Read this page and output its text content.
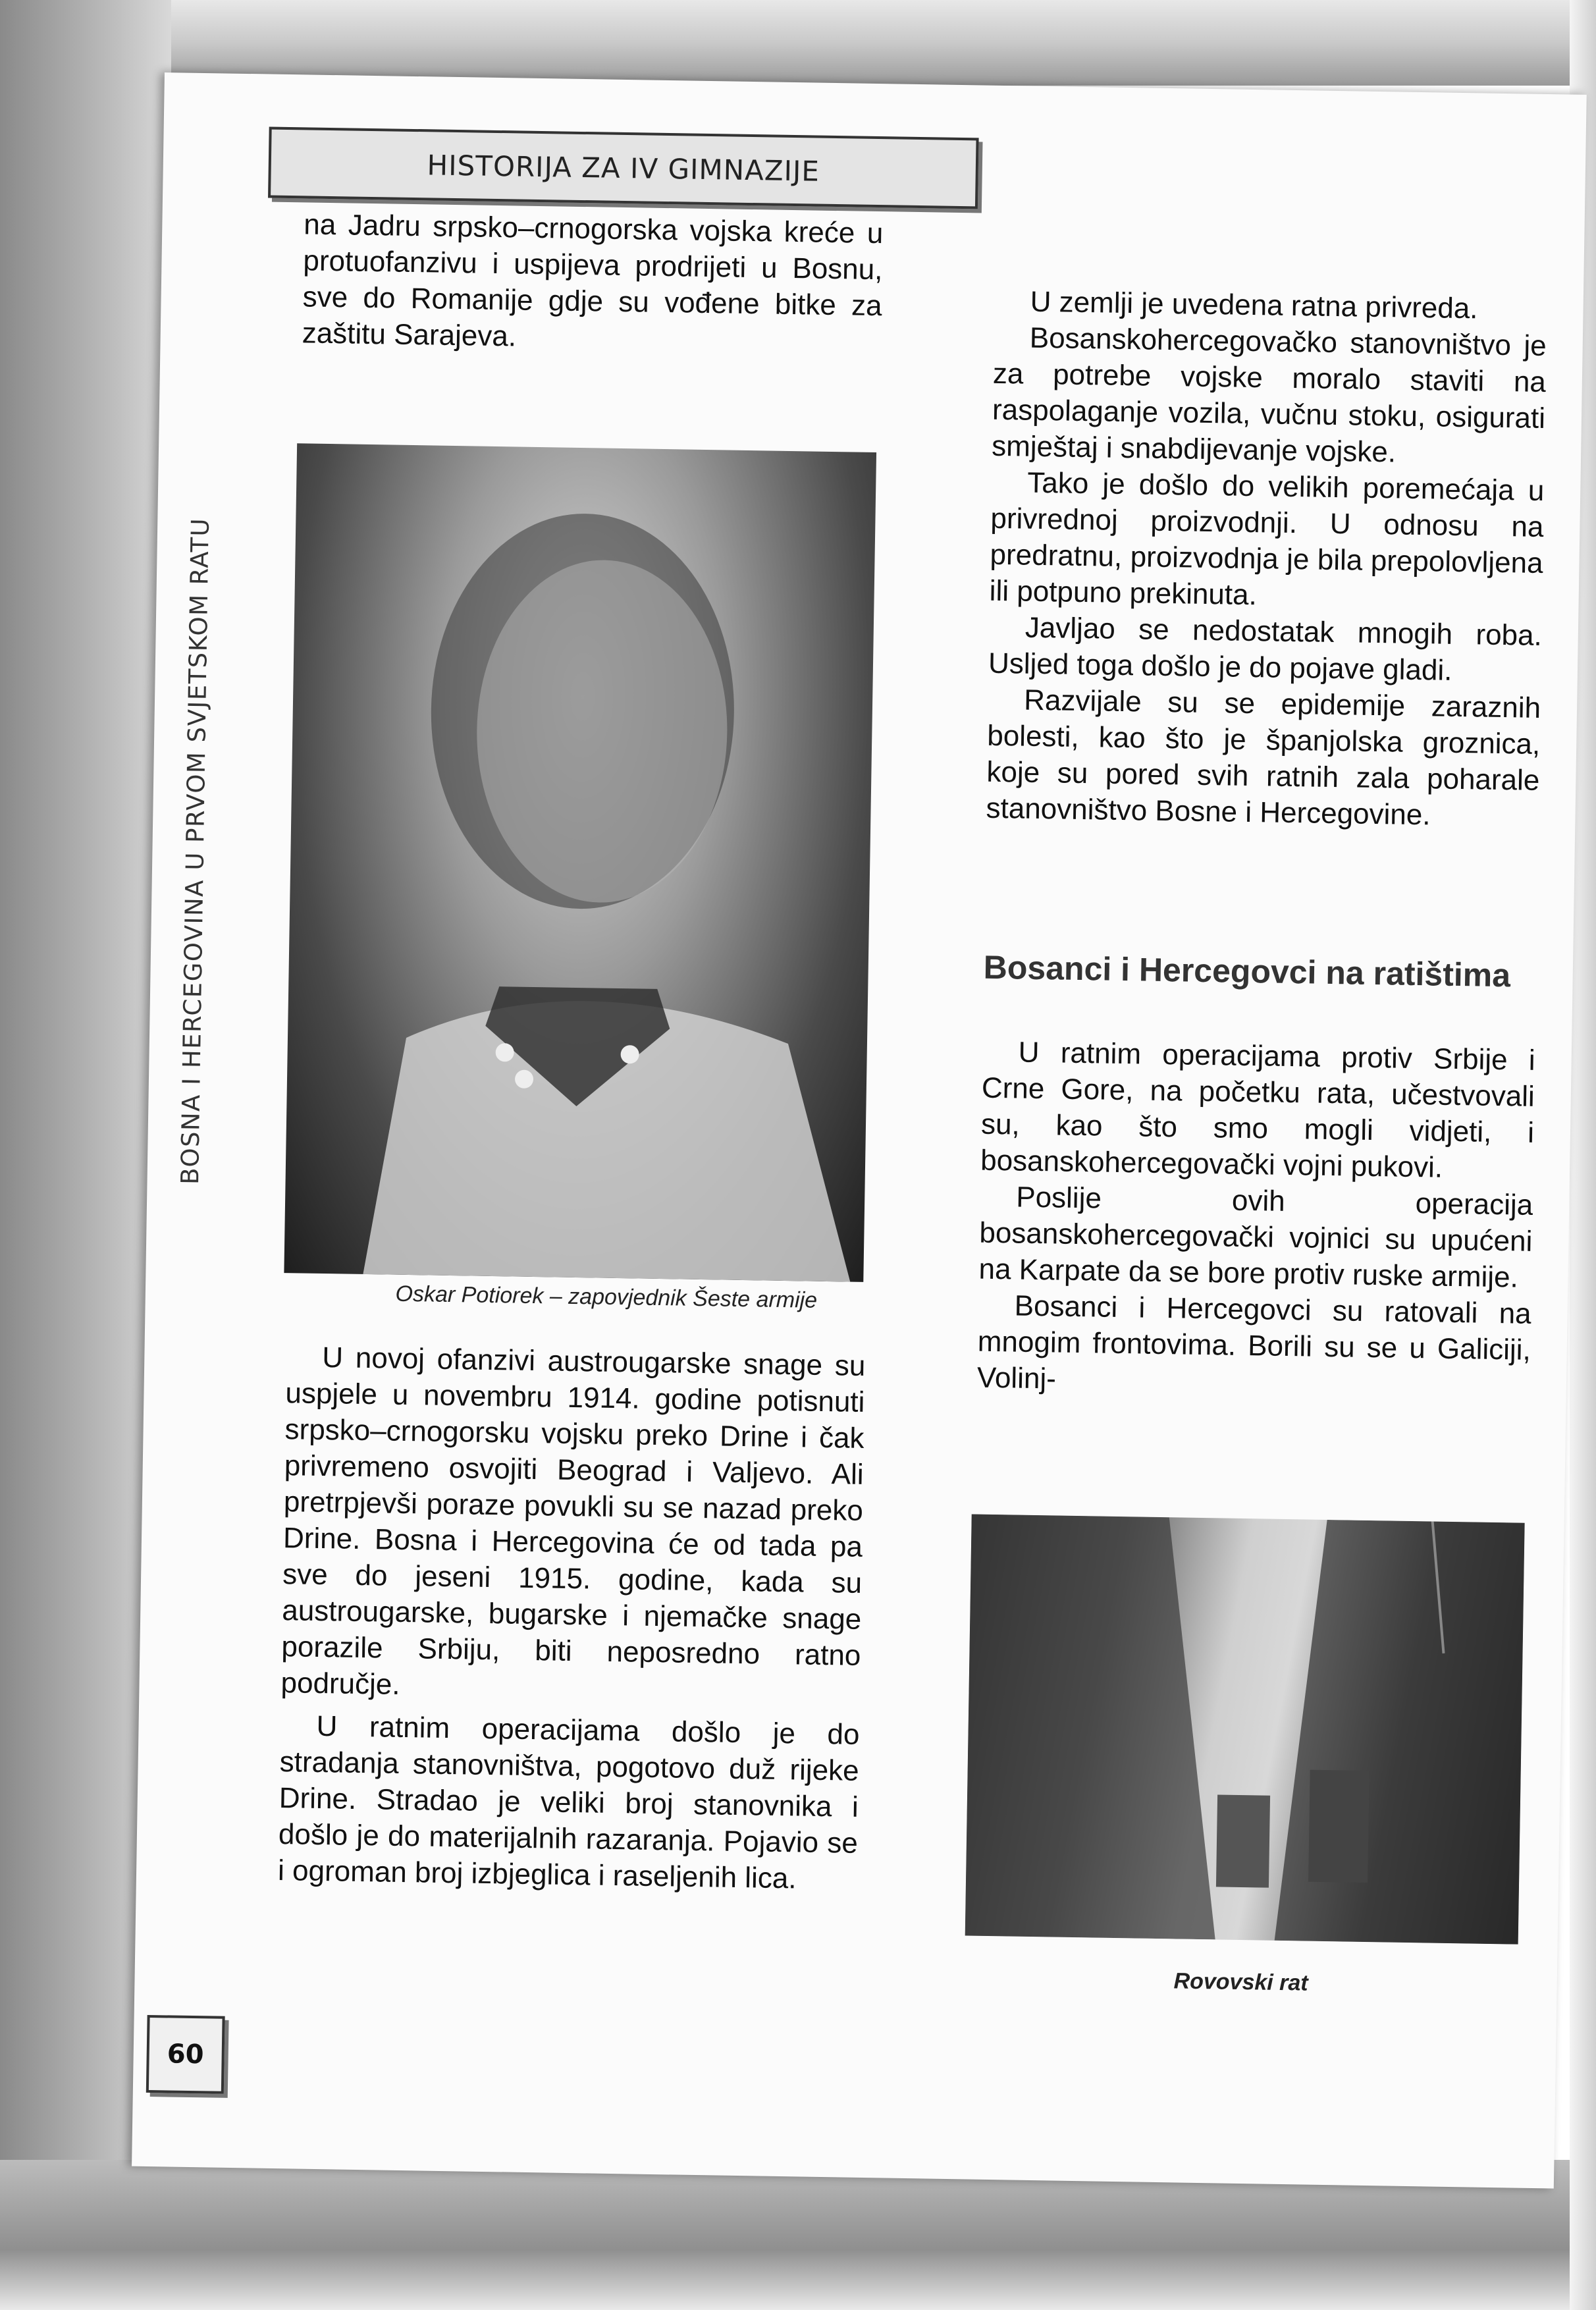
HISTORIJA ZA IV GIMNAZIJE
BOSNA I HERCEGOVINA U PRVOM SVJETSKOM RATU

na Jadru srpsko–crnogorska vojska kreće u protuofanzivu i uspijeva prodrijeti u Bosnu, sve do Romanije gdje su vođene bitke za zaštitu Sarajeva.

Oskar Potiorek – zapovjednik Šeste armije

U novoj ofanzivi austrougarske snage su uspjele u novembru 1914. godine potisnuti srpsko–crnogorsku vojsku preko Drine i čak privremeno osvojiti Beograd i Valjevo. Ali pretrpjevši poraze povukli su se nazad preko Drine. Bosna i Hercegovina će od tada pa sve do jeseni 1915. godine, kada su austrougarske, bugarske i njemačke snage porazile Srbiju, biti neposredno ratno područje.

U ratnim operacijama došlo je do stradanja stanovništva, pogotovo duž rijeke Drine. Stradao je veliki broj stanovnika i došlo je do materijalnih razaranja. Pojavio se i ogroman broj izbjeglica i raseljenih lica.

U zemlji je uvedena ratna privreda.

Bosanskohercegovačko stanovništvo je za potrebe vojske moralo staviti na raspolaganje vozila, vučnu stoku, osigurati smještaj i snabdijevanje vojske.

Tako je došlo do velikih poremećaja u privrednoj proizvodnji. U odnosu na predratnu, proizvodnja je bila prepolovljena ili potpuno prekinuta.

Javljao se nedostatak mnogih roba. Usljed toga došlo je do pojave gladi.

Razvijale su se epidemije zaraznih bolesti, kao što je španjolska groznica, koje su pored svih ratnih zala poharale stanovništvo Bosne i Hercegovine.

Bosanci i Hercegovci na ratištima

U ratnim operacijama protiv Srbije i Crne Gore, na početku rata, učestvovali su, kao što smo mogli vidjeti, i bosanskohercegovački vojni pukovi.

Poslije ovih operacija bosanskohercegovački vojnici su upućeni na Karpate da se bore protiv ruske armije.

Bosanci i Hercegovci su ratovali na mnogim frontovima. Borili su se u Galiciji, Volinj-

Rovovski rat
60
